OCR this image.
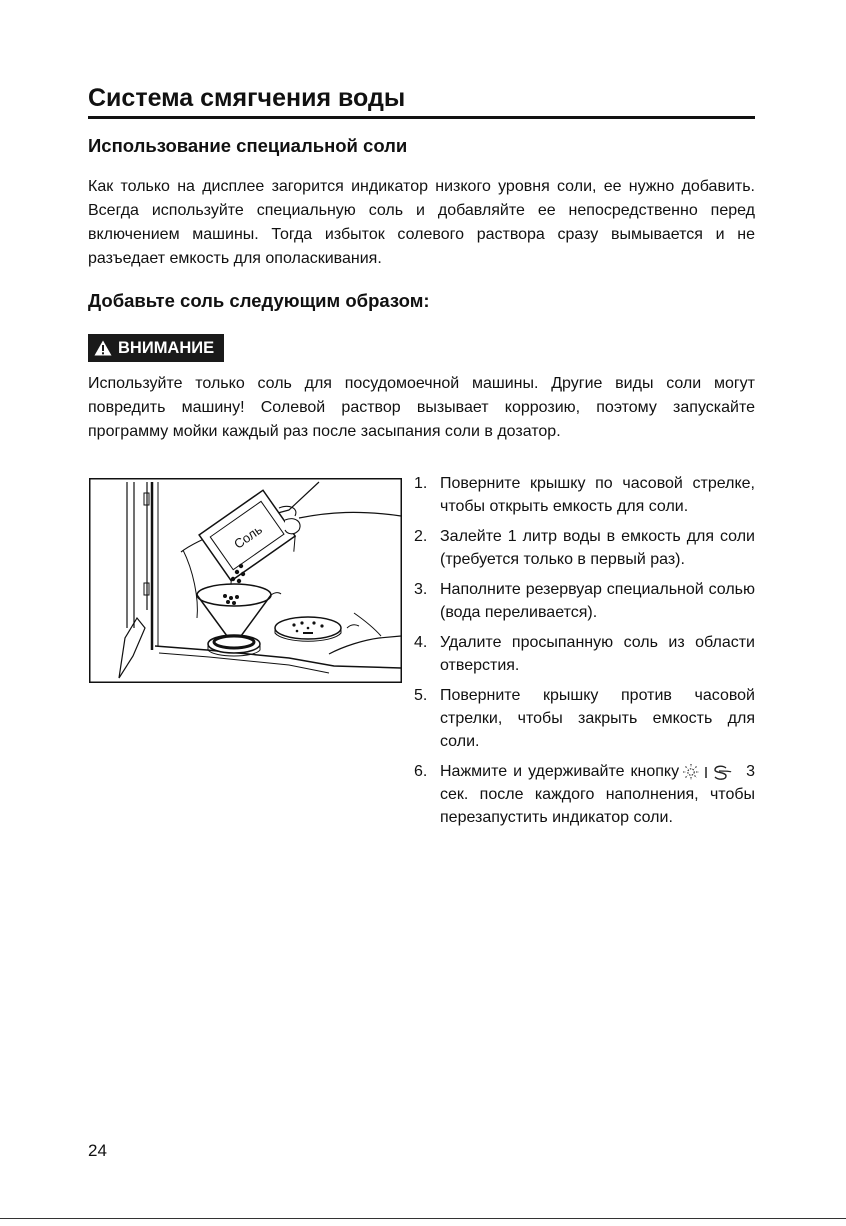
Система смягчения воды
Использование специальной соли

Как только на дисплее загорится индикатор низкого уровня соли, ее нужно добавить. Всегда используйте специальную соль и добавляйте ее непосредственно перед включением машины. Тогда избыток солевого раствора сразу вымывается и не разъедает емкость для ополаскивания.

Добавьте соль следующим образом:
ВНИМАНИЕ

Используйте только соль для посудомоечной машины. Другие виды соли могут повредить машину! Солевой раствор вызывает коррозию, поэтому запускайте программу мойки каждый раз после засыпания соли в дозатор.

Соль
1. Поверните крышку по часовой стрелке, чтобы открыть емкость для соли.
2. Залейте 1 литр воды в емкость для соли (требуется только в первый раз).
3. Наполните резервуар специальной солью (вода переливается).
4. Удалите просыпанную соль из области отверстия.
5. Поверните крышку против часовой стрелки, чтобы закрыть емкость для соли.
6. Нажмите и удерживайте кнопку	3 сек. после каждого наполнения, чтобы перезапустить индикатор соли.
24
